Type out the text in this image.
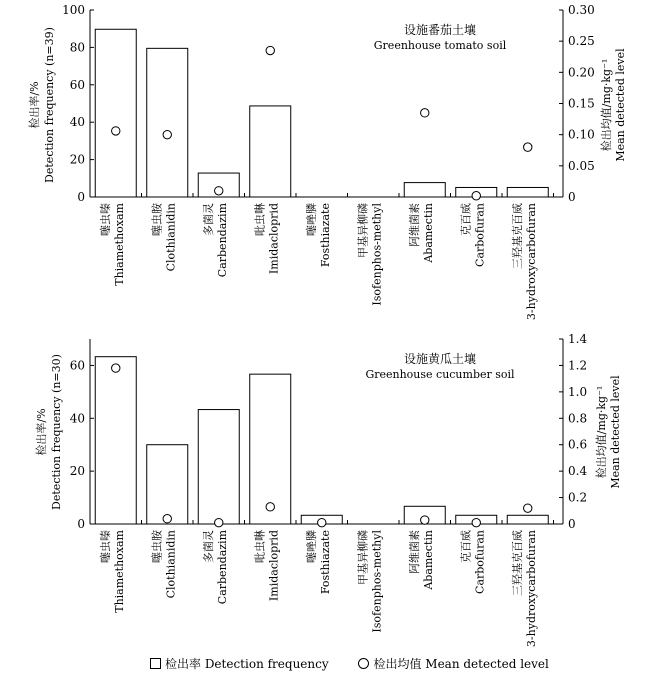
0
20
40
60
80
100
0
0.05
0.10
0.15
0.20
0.25
0.30
噻虫嗪 Thiamethoxam 噻虫胺 Clothianidin 多菌灵 Carbendazim 吡虫啉 Imidacloprid 噻唑膦 Fosthiazate 甲基异柳磷 Isofenphos-methyl 阿维菌素 Abamectin 克百威 Carbofuran 三羟基克百威 3-hydroxycarbofuran
设施番茄土壤
Greenhouse tomato soil
检出率/% Detection frequency (n=39)	检出均值/mg·kg⁻¹ Mean detected level
0
20
40
60
0
0.2
0.4
0.6
0.8
1.0
1.2
1.4
噻虫嗪 Thiamethoxam 噻虫胺 Clothianidin 多菌灵 Carbendazim 吡虫啉 Imidacloprid 噻唑膦 Fosthiazate 甲基异柳磷 Isofenphos-methyl 阿维菌素 Abamectin 克百威 Carbofuran 三羟基克百威 3-hydroxycarbofuran
设施黄瓜土壤
Greenhouse cucumber soil
检出率/% Detection frequency (n=30)	检出均值/mg·kg⁻¹ Mean detected level
检出率 Detection frequency	检出均值 Mean detected level
